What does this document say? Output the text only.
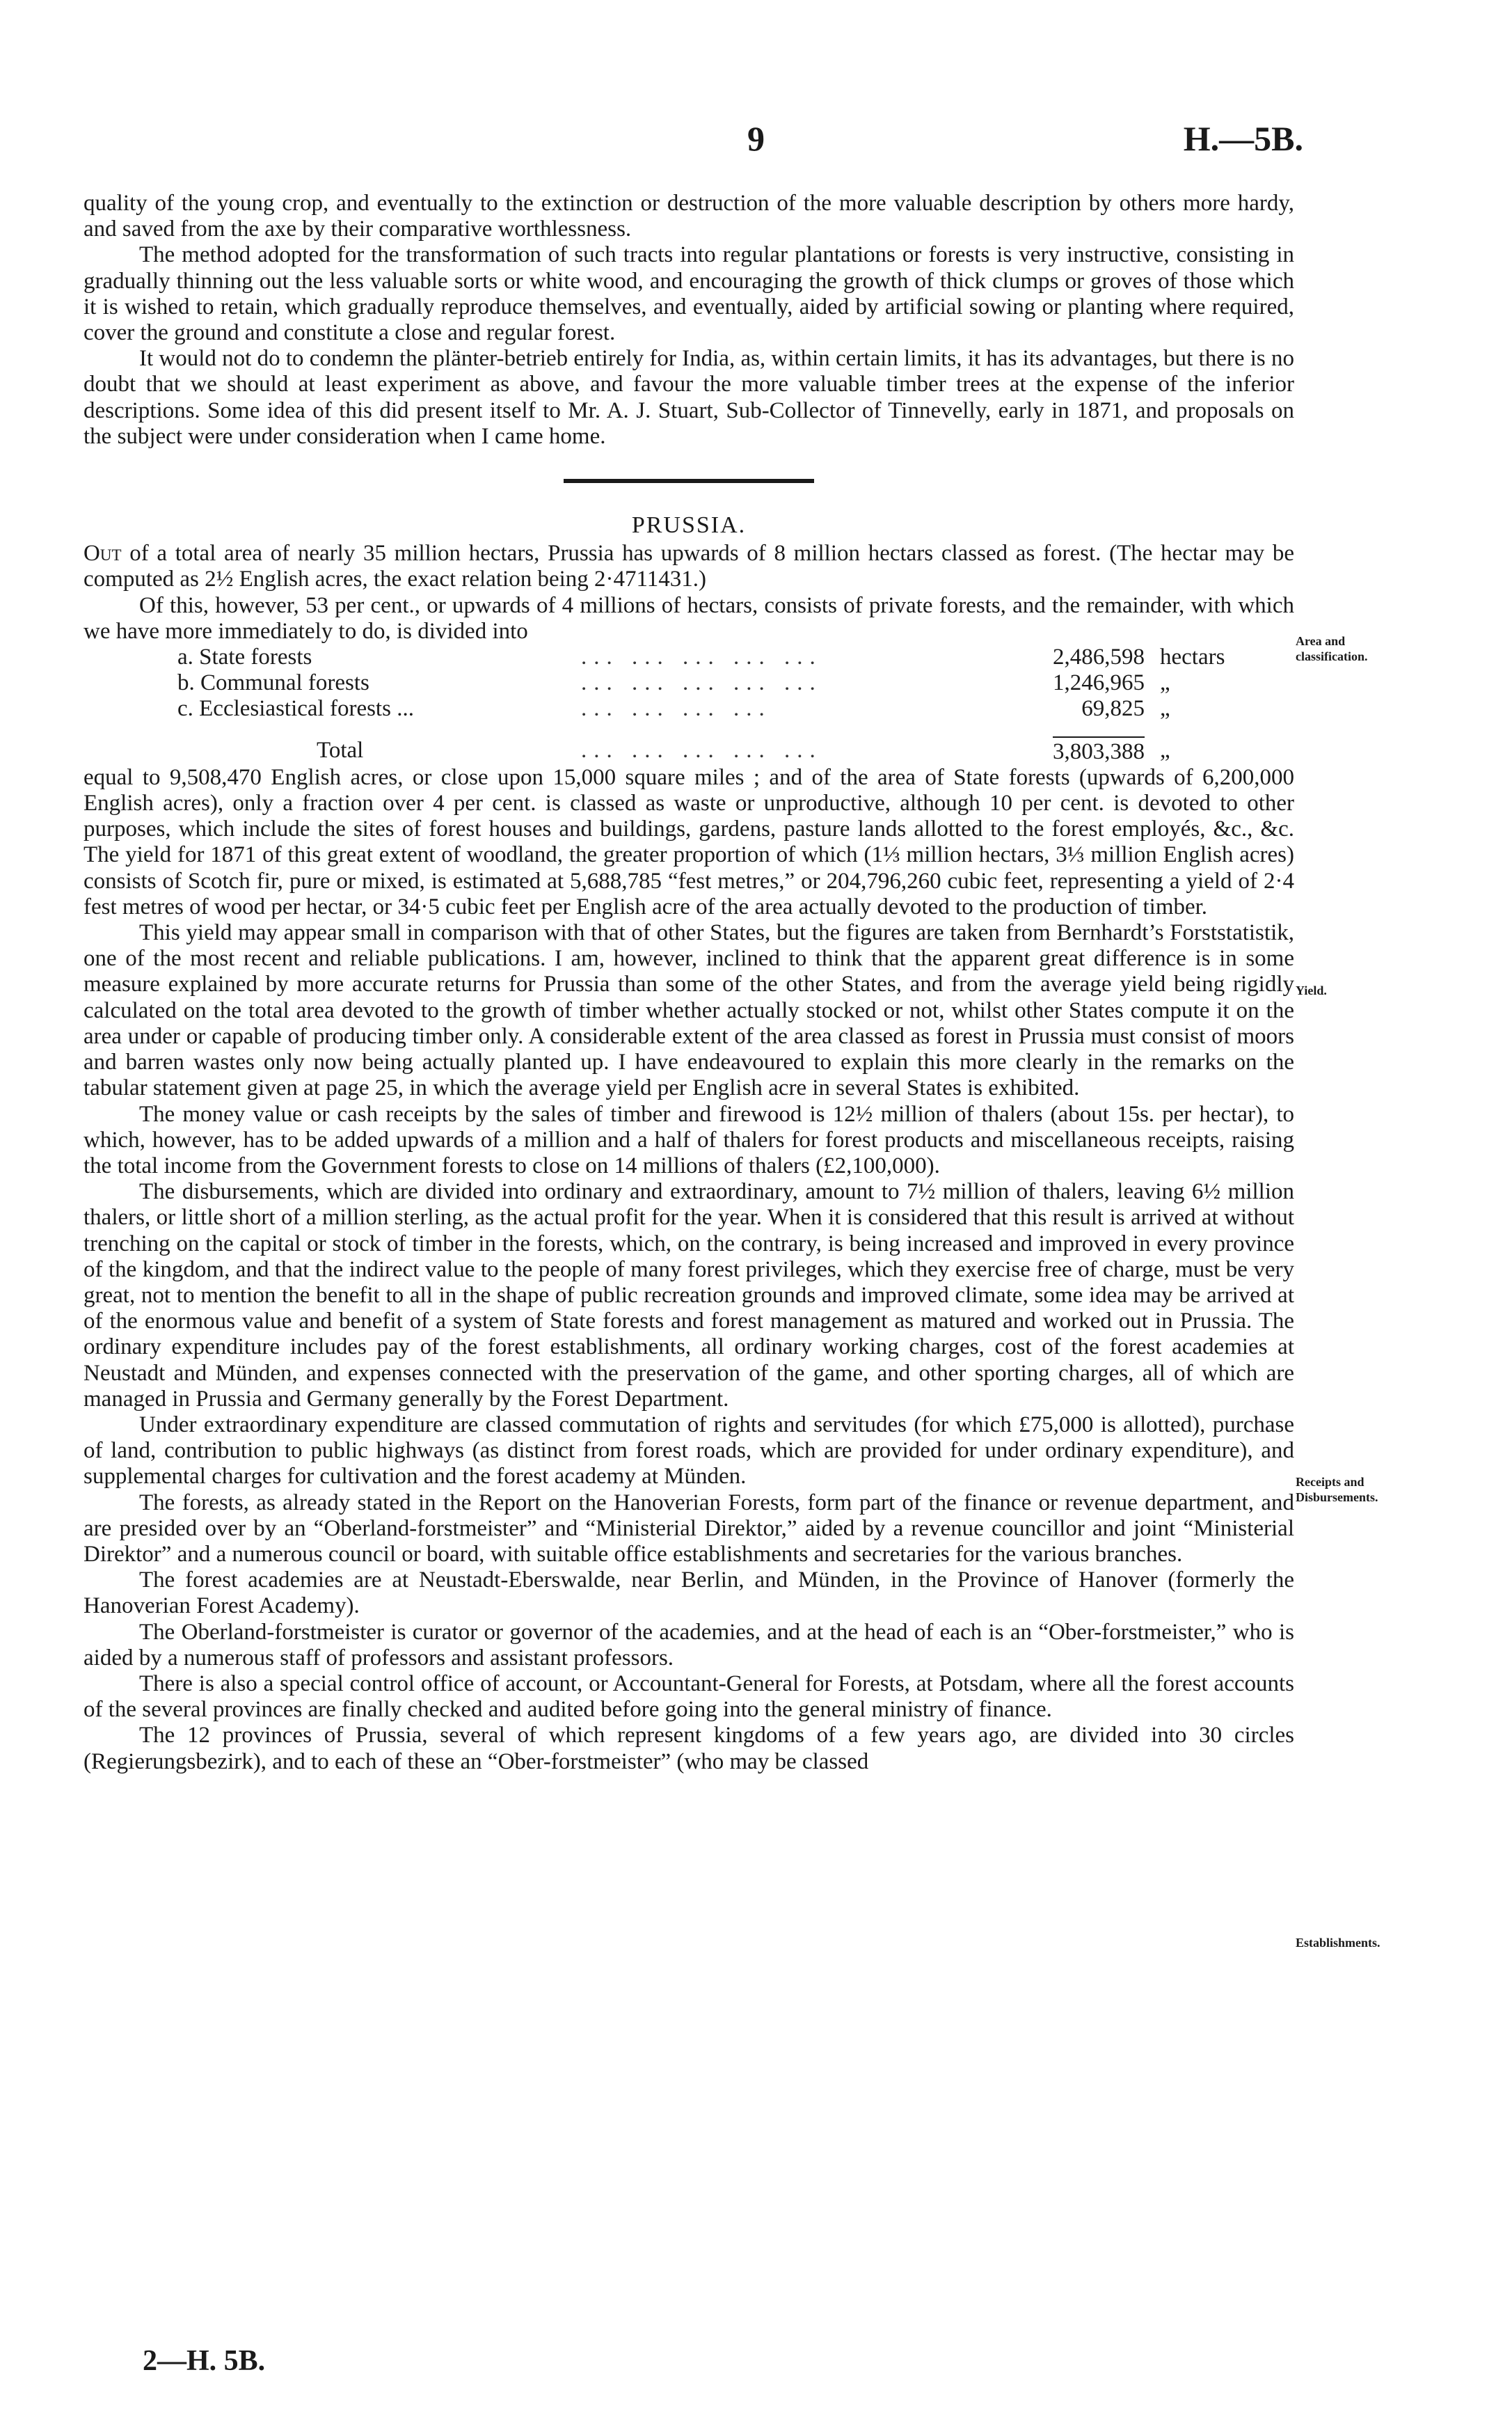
9	H.—5B.

quality of the young crop, and eventually to the extinction or destruction of the more valuable description by others more hardy, and saved from the axe by their comparative worthlessness.

The method adopted for the transformation of such tracts into regular plantations or forests is very instructive, consisting in gradually thinning out the less valuable sorts or white wood, and encouraging the growth of thick clumps or groves of those which it is wished to retain, which gradually reproduce themselves, and eventually, aided by artificial sowing or planting where required, cover the ground and constitute a close and regular forest.

It would not do to condemn the plänter-betrieb entirely for India, as, within certain limits, it has its advantages, but there is no doubt that we should at least experiment as above, and favour the more valuable timber trees at the expense of the inferior descriptions. Some idea of this did present itself to Mr. A. J. Stuart, Sub-Collector of Tinnevelly, early in 1871, and proposals on the subject were under consideration when I came home.

PRUSSIA.

Out of a total area of nearly 35 million hectars, Prussia has upwards of 8 million hectars classed as forest. (The hectar may be computed as 2½ English acres, the exact relation being 2·4711431.)

Of this, however, 53 per cent., or upwards of 4 millions of hectars, consists of private forests, and the remainder, with which we have more immediately to do, is divided into

a. State forests	... ... ... ... ...	2,486,598	hectars
b. Communal forests	... ... ... ... ...	1,246,965	„
c. Ecclesiastical forests ...	... ... ... ...	69,825	„
Total	... ... ... ... ...	3,803,388	„

equal to 9,508,470 English acres, or close upon 15,000 square miles ; and of the area of State forests (upwards of 6,200,000 English acres), only a fraction over 4 per cent. is classed as waste or unproductive, although 10 per cent. is devoted to other purposes, which include the sites of forest houses and buildings, gardens, pasture lands allotted to the forest employés, &c., &c. The yield for 1871 of this great extent of woodland, the greater proportion of which (1⅓ million hectars, 3⅓ million English acres) consists of Scotch fir, pure or mixed, is estimated at 5,688,785 “fest metres,” or 204,796,260 cubic feet, representing a yield of 2·4 fest metres of wood per hectar, or 34·5 cubic feet per English acre of the area actually devoted to the production of timber.

This yield may appear small in comparison with that of other States, but the figures are taken from Bernhardt’s Forststatistik, one of the most recent and reliable publications. I am, however, inclined to think that the apparent great difference is in some measure explained by more accurate returns for Prussia than some of the other States, and from the average yield being rigidly calculated on the total area devoted to the growth of timber whether actually stocked or not, whilst other States compute it on the area under or capable of producing timber only. A considerable extent of the area classed as forest in Prussia must consist of moors and barren wastes only now being actually planted up. I have endeavoured to explain this more clearly in the remarks on the tabular statement given at page 25, in which the average yield per English acre in several States is exhibited.

The money value or cash receipts by the sales of timber and firewood is 12½ million of thalers (about 15s. per hectar), to which, however, has to be added upwards of a million and a half of thalers for forest products and miscellaneous receipts, raising the total income from the Government forests to close on 14 millions of thalers (£2,100,000).

The disbursements, which are divided into ordinary and extraordinary, amount to 7½ million of thalers, leaving 6½ million thalers, or little short of a million sterling, as the actual profit for the year. When it is considered that this result is arrived at without trenching on the capital or stock of timber in the forests, which, on the contrary, is being increased and improved in every province of the kingdom, and that the indirect value to the people of many forest privileges, which they exercise free of charge, must be very great, not to mention the benefit to all in the shape of public recreation grounds and improved climate, some idea may be arrived at of the enormous value and benefit of a system of State forests and forest management as matured and worked out in Prussia. The ordinary expenditure includes pay of the forest establishments, all ordinary working charges, cost of the forest academies at Neustadt and Münden, and expenses connected with the preservation of the game, and other sporting charges, all of which are managed in Prussia and Germany generally by the Forest Department.

Under extraordinary expenditure are classed commutation of rights and servitudes (for which £75,000 is allotted), purchase of land, contribution to public highways (as distinct from forest roads, which are provided for under ordinary expenditure), and supplemental charges for cultivation and the forest academy at Münden.

The forests, as already stated in the Report on the Hanoverian Forests, form part of the finance or revenue department, and are presided over by an “Oberland-forstmeister” and “Ministerial Direktor,” aided by a revenue councillor and joint “Ministerial Direktor” and a numerous council or board, with suitable office establishments and secretaries for the various branches.

The forest academies are at Neustadt-Eberswalde, near Berlin, and Münden, in the Province of Hanover (formerly the Hanoverian Forest Academy).

The Oberland-forstmeister is curator or governor of the academies, and at the head of each is an “Ober-forstmeister,” who is aided by a numerous staff of professors and assistant professors.

There is also a special control office of account, or Accountant-General for Forests, at Potsdam, where all the forest accounts of the several provinces are finally checked and audited before going into the general ministry of finance.

The 12 provinces of Prussia, several of which represent kingdoms of a few years ago, are divided into 30 circles (Regierungsbezirk), and to each of these an “Ober-forstmeister” (who may be classed

Area and classification.
Yield.
Receipts and Disbursements.
Establishments.
2—H. 5B.
